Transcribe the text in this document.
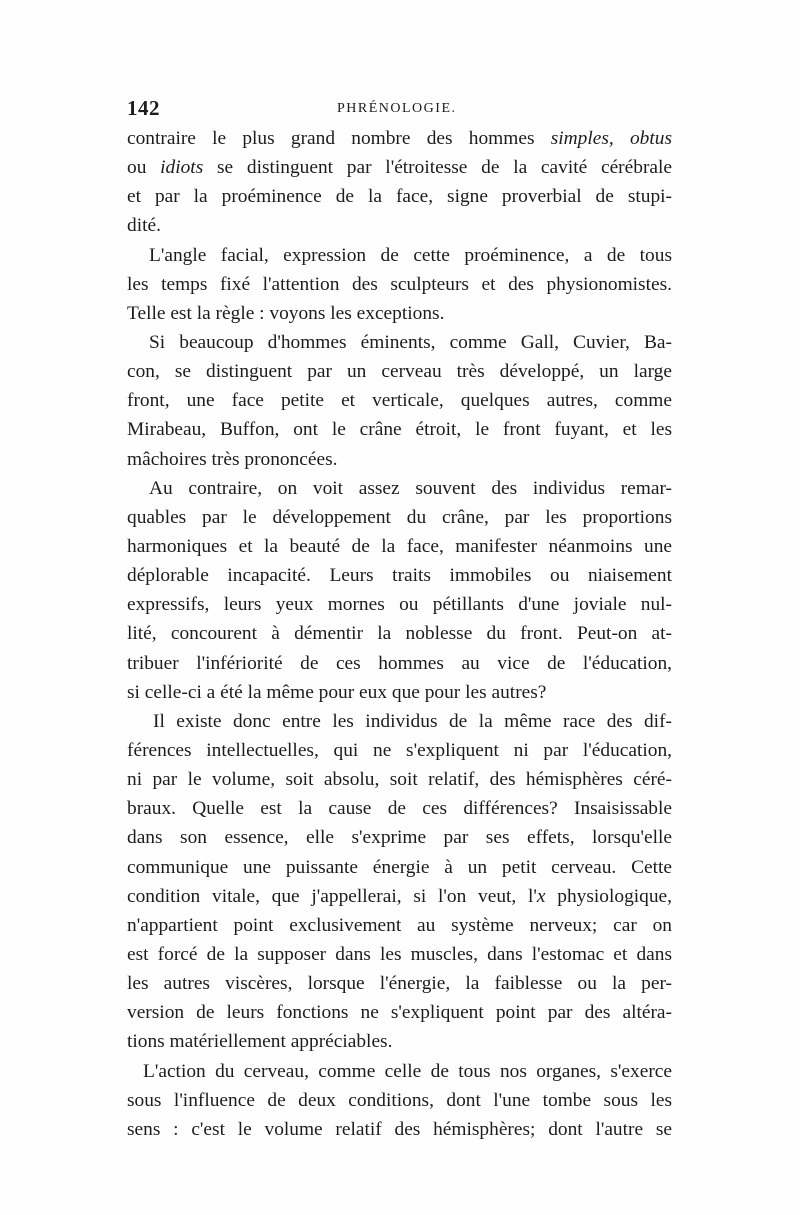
142	PHRÉNOLOGIE.
contraire le plus grand nombre des hommes simples, obtus
ou idiots se distinguent par l'étroitesse de la cavité cérébrale
et par la proéminence de la face, signe proverbial de stupi-
dité.
L'angle facial, expression de cette proéminence, a de tous
les temps fixé l'attention des sculpteurs et des physionomistes.
Telle est la règle : voyons les exceptions.
Si beaucoup d'hommes éminents, comme Gall, Cuvier, Ba-
con, se distinguent par un cerveau très développé, un large
front, une face petite et verticale, quelques autres, comme
Mirabeau, Buffon, ont le crâne étroit, le front fuyant, et les
mâchoires très prononcées.
Au contraire, on voit assez souvent des individus remar-
quables par le développement du crâne, par les proportions
harmoniques et la beauté de la face, manifester néanmoins une
déplorable incapacité. Leurs traits immobiles ou niaisement
expressifs, leurs yeux mornes ou pétillants d'une joviale nul-
lité, concourent à démentir la noblesse du front. Peut-on at-
tribuer l'infériorité de ces hommes au vice de l'éducation,
si celle-ci a été la même pour eux que pour les autres?
Il existe donc entre les individus de la même race des dif-
férences intellectuelles, qui ne s'expliquent ni par l'éducation,
ni par le volume, soit absolu, soit relatif, des hémisphères céré-
braux. Quelle est la cause de ces différences? Insaisissable
dans son essence, elle s'exprime par ses effets, lorsqu'elle
communique une puissante énergie à un petit cerveau. Cette
condition vitale, que j'appellerai, si l'on veut, l'x physiologique,
n'appartient point exclusivement au système nerveux; car on
est forcé de la supposer dans les muscles, dans l'estomac et dans
les autres viscères, lorsque l'énergie, la faiblesse ou la per-
version de leurs fonctions ne s'expliquent point par des altéra-
tions matériellement appréciables.
L'action du cerveau, comme celle de tous nos organes, s'exerce
sous l'influence de deux conditions, dont l'une tombe sous les
sens : c'est le volume relatif des hémisphères; dont l'autre se
